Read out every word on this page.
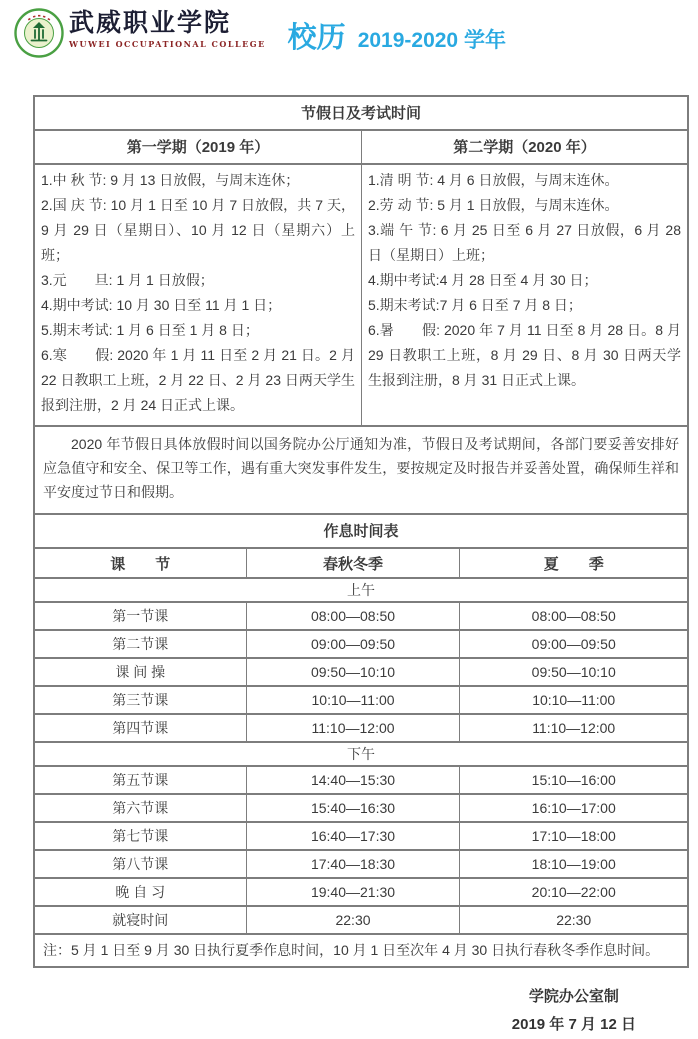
武威职业学院
WUWEI OCCUPATIONAL COLLEGE 校历 2019-2020 学年
节假日及考试时间
第一学期（2019 年）	第二学期（2020 年）
1.中 秋 节: 9 月 13 日放假，与周末连休；
2.国 庆 节: 10 月 1 日至 10 月 7 日放假，共 7 天，9 月 29 日（星期日）、10 月 12 日（星期六）上班；
3.元　　旦: 1 月 1 日放假；
4.期中考试: 10 月 30 日至 11 月 1 日；
5.期末考试: 1 月 6 日至 1 月 8 日；
6.寒　　假: 2020 年 1 月 11 日至 2 月 21 日。2 月 22 日教职工上班，2 月 22 日、2 月 23 日两天学生报到注册，2 月 24 日正式上课。
1.清 明 节: 4 月 6 日放假，与周末连休。
2.劳 动 节: 5 月 1 日放假，与周末连休。
3.端 午 节: 6 月 25 日至 6 月 27 日放假，6 月 28 日（星期日）上班；
4.期中考试:4 月 28 日至 4 月 30 日；
5.期末考试:7 月 6 日至 7 月 8 日；
6.暑　　假: 2020 年 7 月 11 日至 8 月 28 日。8 月 29 日教职工上班，8 月 29 日、8 月 30 日两天学生报到注册，8 月 31 日正式上课。
2020 年节假日具体放假时间以国务院办公厅通知为准，节假日及考试期间，各部门要妥善安排好应急值守和安全、保卫等工作，遇有重大突发事件发生，要按规定及时报告并妥善处置，确保师生祥和平安度过节日和假期。
作息时间表
课　　节	春秋冬季	夏　　季
上午
第一节课	08:00—08:50	08:00—08:50
第二节课	09:00—09:50	09:00—09:50
课 间 操	09:50—10:10	09:50—10:10
第三节课	10:10—11:00	10:10—11:00
第四节课	11:10—12:00	11:10—12:00
下午
第五节课	14:40—15:30	15:10—16:00
第六节课	15:40—16:30	16:10—17:00
第七节课	16:40—17:30	17:10—18:00
第八节课	17:40—18:30	18:10—19:00
晚 自 习	19:40—21:30	20:10—22:00
就寝时间	22:30	22:30
注：5 月 1 日至 9 月 30 日执行夏季作息时间，10 月 1 日至次年 4 月 30 日执行春秋冬季作息时间。
学院办公室制
2019 年 7 月 12 日
